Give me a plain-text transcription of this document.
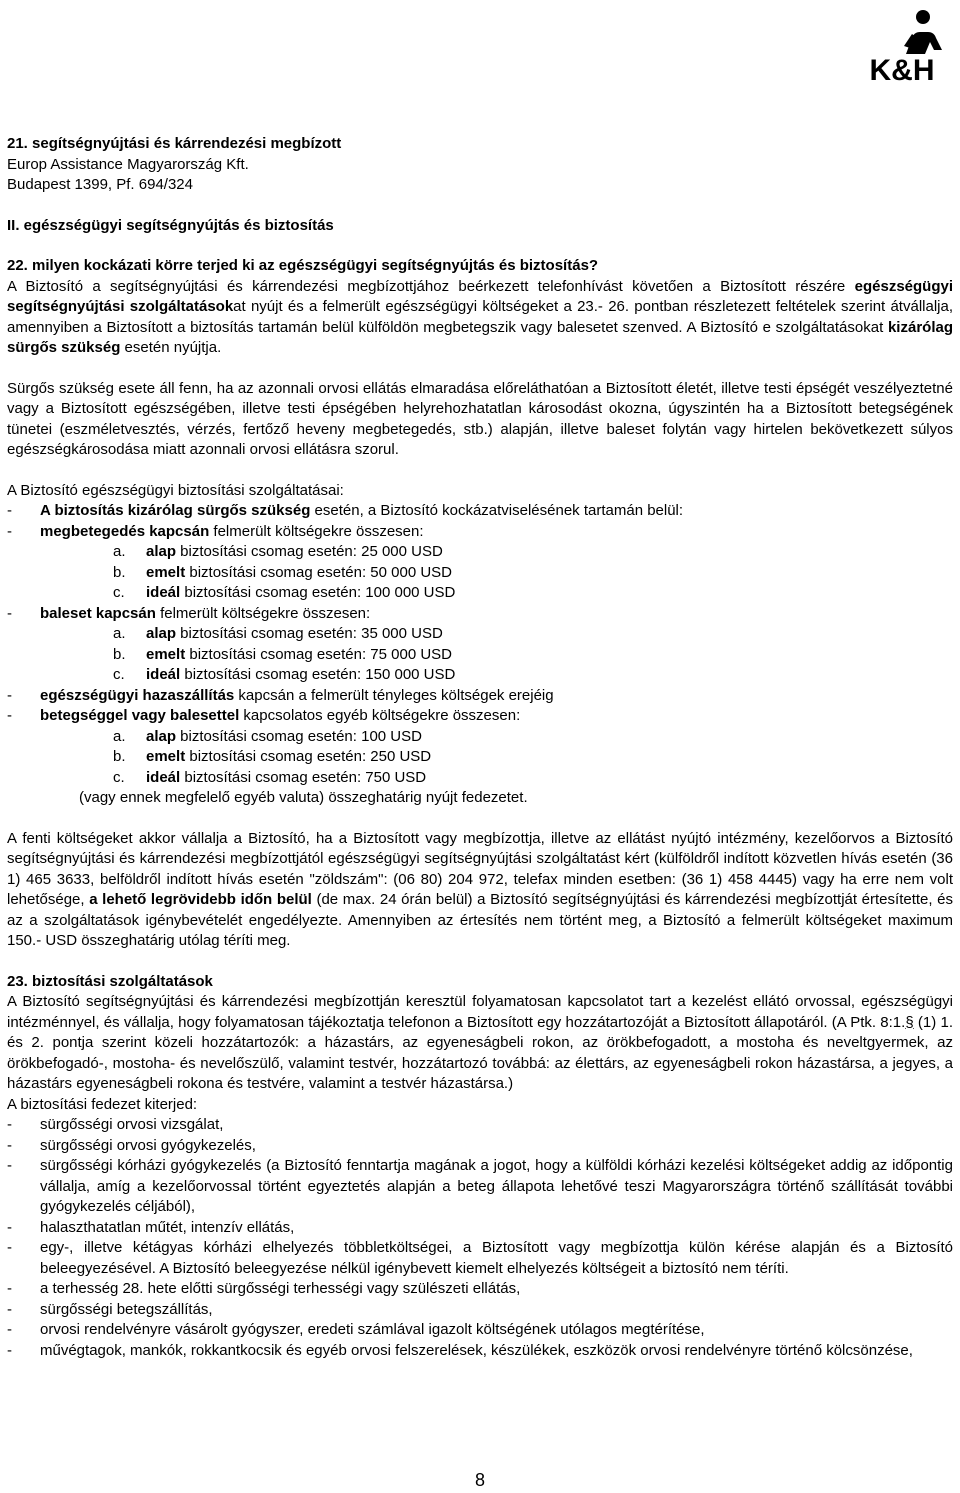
K&H

21. segítségnyújtási és kárrendezési megbízott

Europ Assistance Magyarország Kft.

Budapest 1399, Pf. 694/324

II. egészségügyi segítségnyújtás és biztosítás

22. milyen kockázati körre terjed ki az egészségügyi segítségnyújtás és biztosítás?

A Biztosító a segítségnyújtási és kárrendezési megbízottjához beérkezett telefonhívást követően a Biztosított részére egészségügyi segítségnyújtási szolgáltatásokat nyújt és a felmerült egészségügyi költségeket a 23.- 26. pontban részletezett feltételek szerint átvállalja, amennyiben a Biztosított a biztosítás tartamán belül külföldön megbetegszik vagy balesetet szenved. A Biztosító e szolgáltatásokat kizárólag sürgős szükség esetén nyújtja.

Sürgős szükség esete áll fenn, ha az azonnali orvosi ellátás elmaradása előreláthatóan a Biztosított életét, illetve testi épségét veszélyeztetné vagy a Biztosított egészségében, illetve testi épségében helyrehozhatatlan károsodást okozna, úgyszintén ha a Biztosított betegségének tünetei (eszméletvesztés, vérzés, fertőző heveny megbetegedés, stb.) alapján, illetve baleset folytán vagy hirtelen bekövetkezett súlyos egészségkárosodása miatt azonnali orvosi ellátásra szorul.

A Biztosító egészségügyi biztosítási szolgáltatásai:

-	A biztosítás kizárólag sürgős szükség esetén, a Biztosító kockázatviselésének tartamán belül:
-	megbetegedés kapcsán felmerült költségekre összesen:
a.	alap biztosítási csomag esetén: 25 000 USD
b.	emelt biztosítási csomag esetén: 50 000 USD
c.	ideál biztosítási csomag esetén: 100 000 USD
-	baleset kapcsán felmerült költségekre összesen:
a.	alap biztosítási csomag esetén: 35 000 USD
b.	emelt biztosítási csomag esetén: 75 000 USD
c.	ideál biztosítási csomag esetén: 150 000 USD
-	egészségügyi hazaszállítás kapcsán a felmerült tényleges költségek erejéig
-	betegséggel vagy balesettel kapcsolatos egyéb költségekre összesen:
a.	alap biztosítási csomag esetén: 100 USD
b.	emelt biztosítási csomag esetén: 250 USD
c.	ideál biztosítási csomag esetén: 750 USD

(vagy ennek megfelelő egyéb valuta) összeghatárig nyújt fedezetet.

A fenti költségeket akkor vállalja a Biztosító, ha a Biztosított vagy megbízottja, illetve az ellátást nyújtó intézmény, kezelőorvos a Biztosító segítségnyújtási és kárrendezési megbízottjától egészségügyi segítségnyújtási szolgáltatást kért (külföldről indított közvetlen hívás esetén (36 1) 465 3633, belföldről indított hívás esetén "zöldszám": (06 80) 204 972, telefax minden esetben: (36 1) 458 4445) vagy ha erre nem volt lehetősége, a lehető legrövidebb időn belül (de max. 24 órán belül) a Biztosító segítségnyújtási és kárrendezési megbízottját értesítette, és az a szolgáltatások igénybevételét engedélyezte. Amennyiben az értesítés nem történt meg, a Biztosító a felmerült költségeket maximum 150.- USD összeghatárig utólag téríti meg.

23. biztosítási szolgáltatások

A Biztosító segítségnyújtási és kárrendezési megbízottján keresztül folyamatosan kapcsolatot tart a kezelést ellátó orvossal, egészségügyi intézménnyel, és vállalja, hogy folyamatosan tájékoztatja telefonon a Biztosított egy hozzátartozóját a Biztosított állapotáról. (A Ptk. 8:1.§ (1) 1. és 2. pontja szerint közeli hozzátartozók: a házastárs, az egyeneságbeli rokon, az örökbefogadott, a mostoha és neveltgyermek, az örökbefogadó-, mostoha- és nevelőszülő, valamint testvér, hozzátartozó továbbá: az élettárs, az egyeneságbeli rokon házastársa, a jegyes, a házastárs egyeneságbeli rokona és testvére, valamint a testvér házastársa.)

A biztosítási fedezet kiterjed:

-	sürgősségi orvosi vizsgálat,
-	sürgősségi orvosi gyógykezelés,
-	sürgősségi kórházi gyógykezelés (a Biztosító fenntartja magának a jogot, hogy a külföldi kórházi kezelési költségeket addig az időpontig vállalja, amíg a kezelőorvossal történt egyeztetés alapján a beteg állapota lehetővé teszi Magyarországra történő szállítását további gyógykezelés céljából),
-	halaszthatatlan műtét, intenzív ellátás,
-	egy-, illetve kétágyas kórházi elhelyezés többletköltségei, a Biztosított vagy megbízottja külön kérése alapján és a Biztosító beleegyezésével. A Biztosító beleegyezése nélkül igénybevett kiemelt elhelyezés költségeit a biztosító nem téríti.
-	a terhesség 28. hete előtti sürgősségi terhességi vagy szülészeti ellátás,
-	sürgősségi betegszállítás,
-	orvosi rendelvényre vásárolt gyógyszer, eredeti számlával igazolt költségének utólagos megtérítése,
-	művégtagok, mankók, rokkantkocsik és egyéb orvosi felszerelések, készülékek, eszközök orvosi rendelvényre történő kölcsönzése,
8
